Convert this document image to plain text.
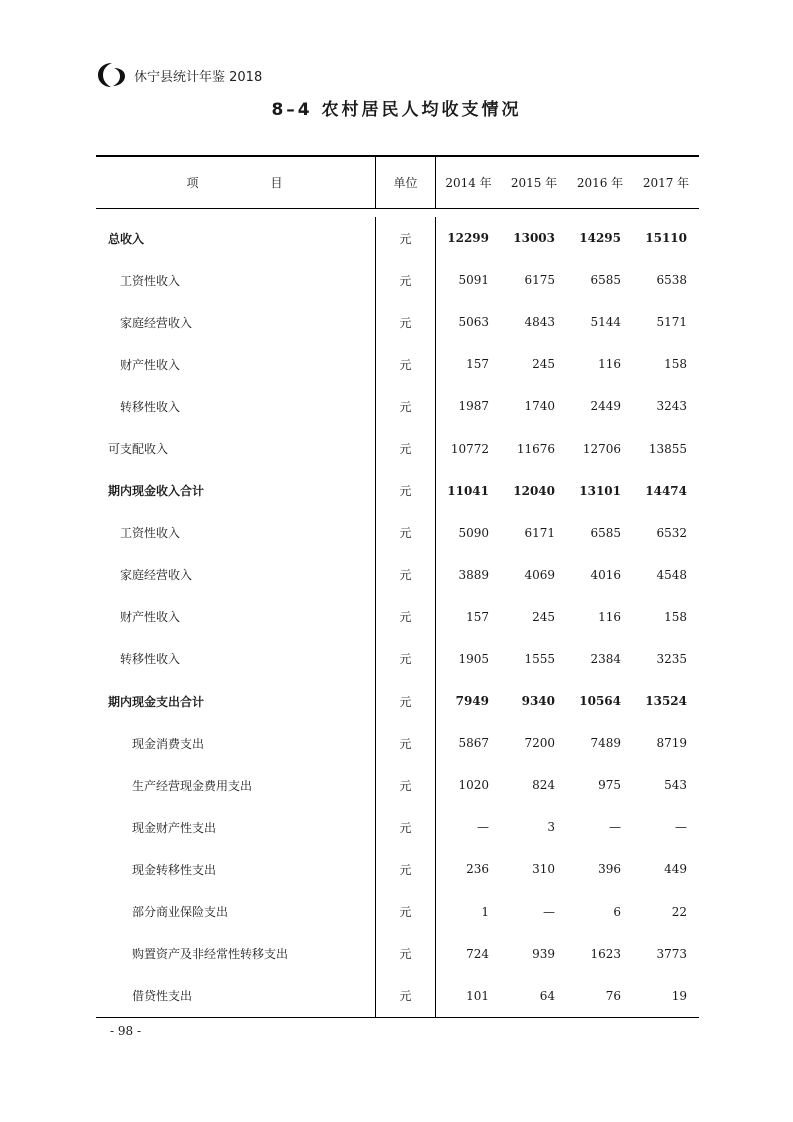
休宁县统计年鉴 2018
8–4 农村居民人均收支情况
项　　　　　目	单位	2014 年	2015 年	2016 年	2017 年
总收入	元	12299	13003	14295	15110
工资性收入	元	5091	6175	6585	6538
家庭经营收入	元	5063	4843	5144	5171
财产性收入	元	157	245	116	158
转移性收入	元	1987	1740	2449	3243
可支配收入	元	10772	11676	12706	13855
期内现金收入合计	元	11041	12040	13101	14474
工资性收入	元	5090	6171	6585	6532
家庭经营收入	元	3889	4069	4016	4548
财产性收入	元	157	245	116	158
转移性收入	元	1905	1555	2384	3235
期内现金支出合计	元	7949	9340	10564	13524
现金消费支出	元	5867	7200	7489	8719
生产经营现金费用支出	元	1020	824	975	543
现金财产性支出	元	—	3	—	—
现金转移性支出	元	236	310	396	449
部分商业保险支出	元	1	—	6	22
购置资产及非经常性转移支出	元	724	939	1623	3773
借贷性支出	元	101	64	76	19
- 98 -
